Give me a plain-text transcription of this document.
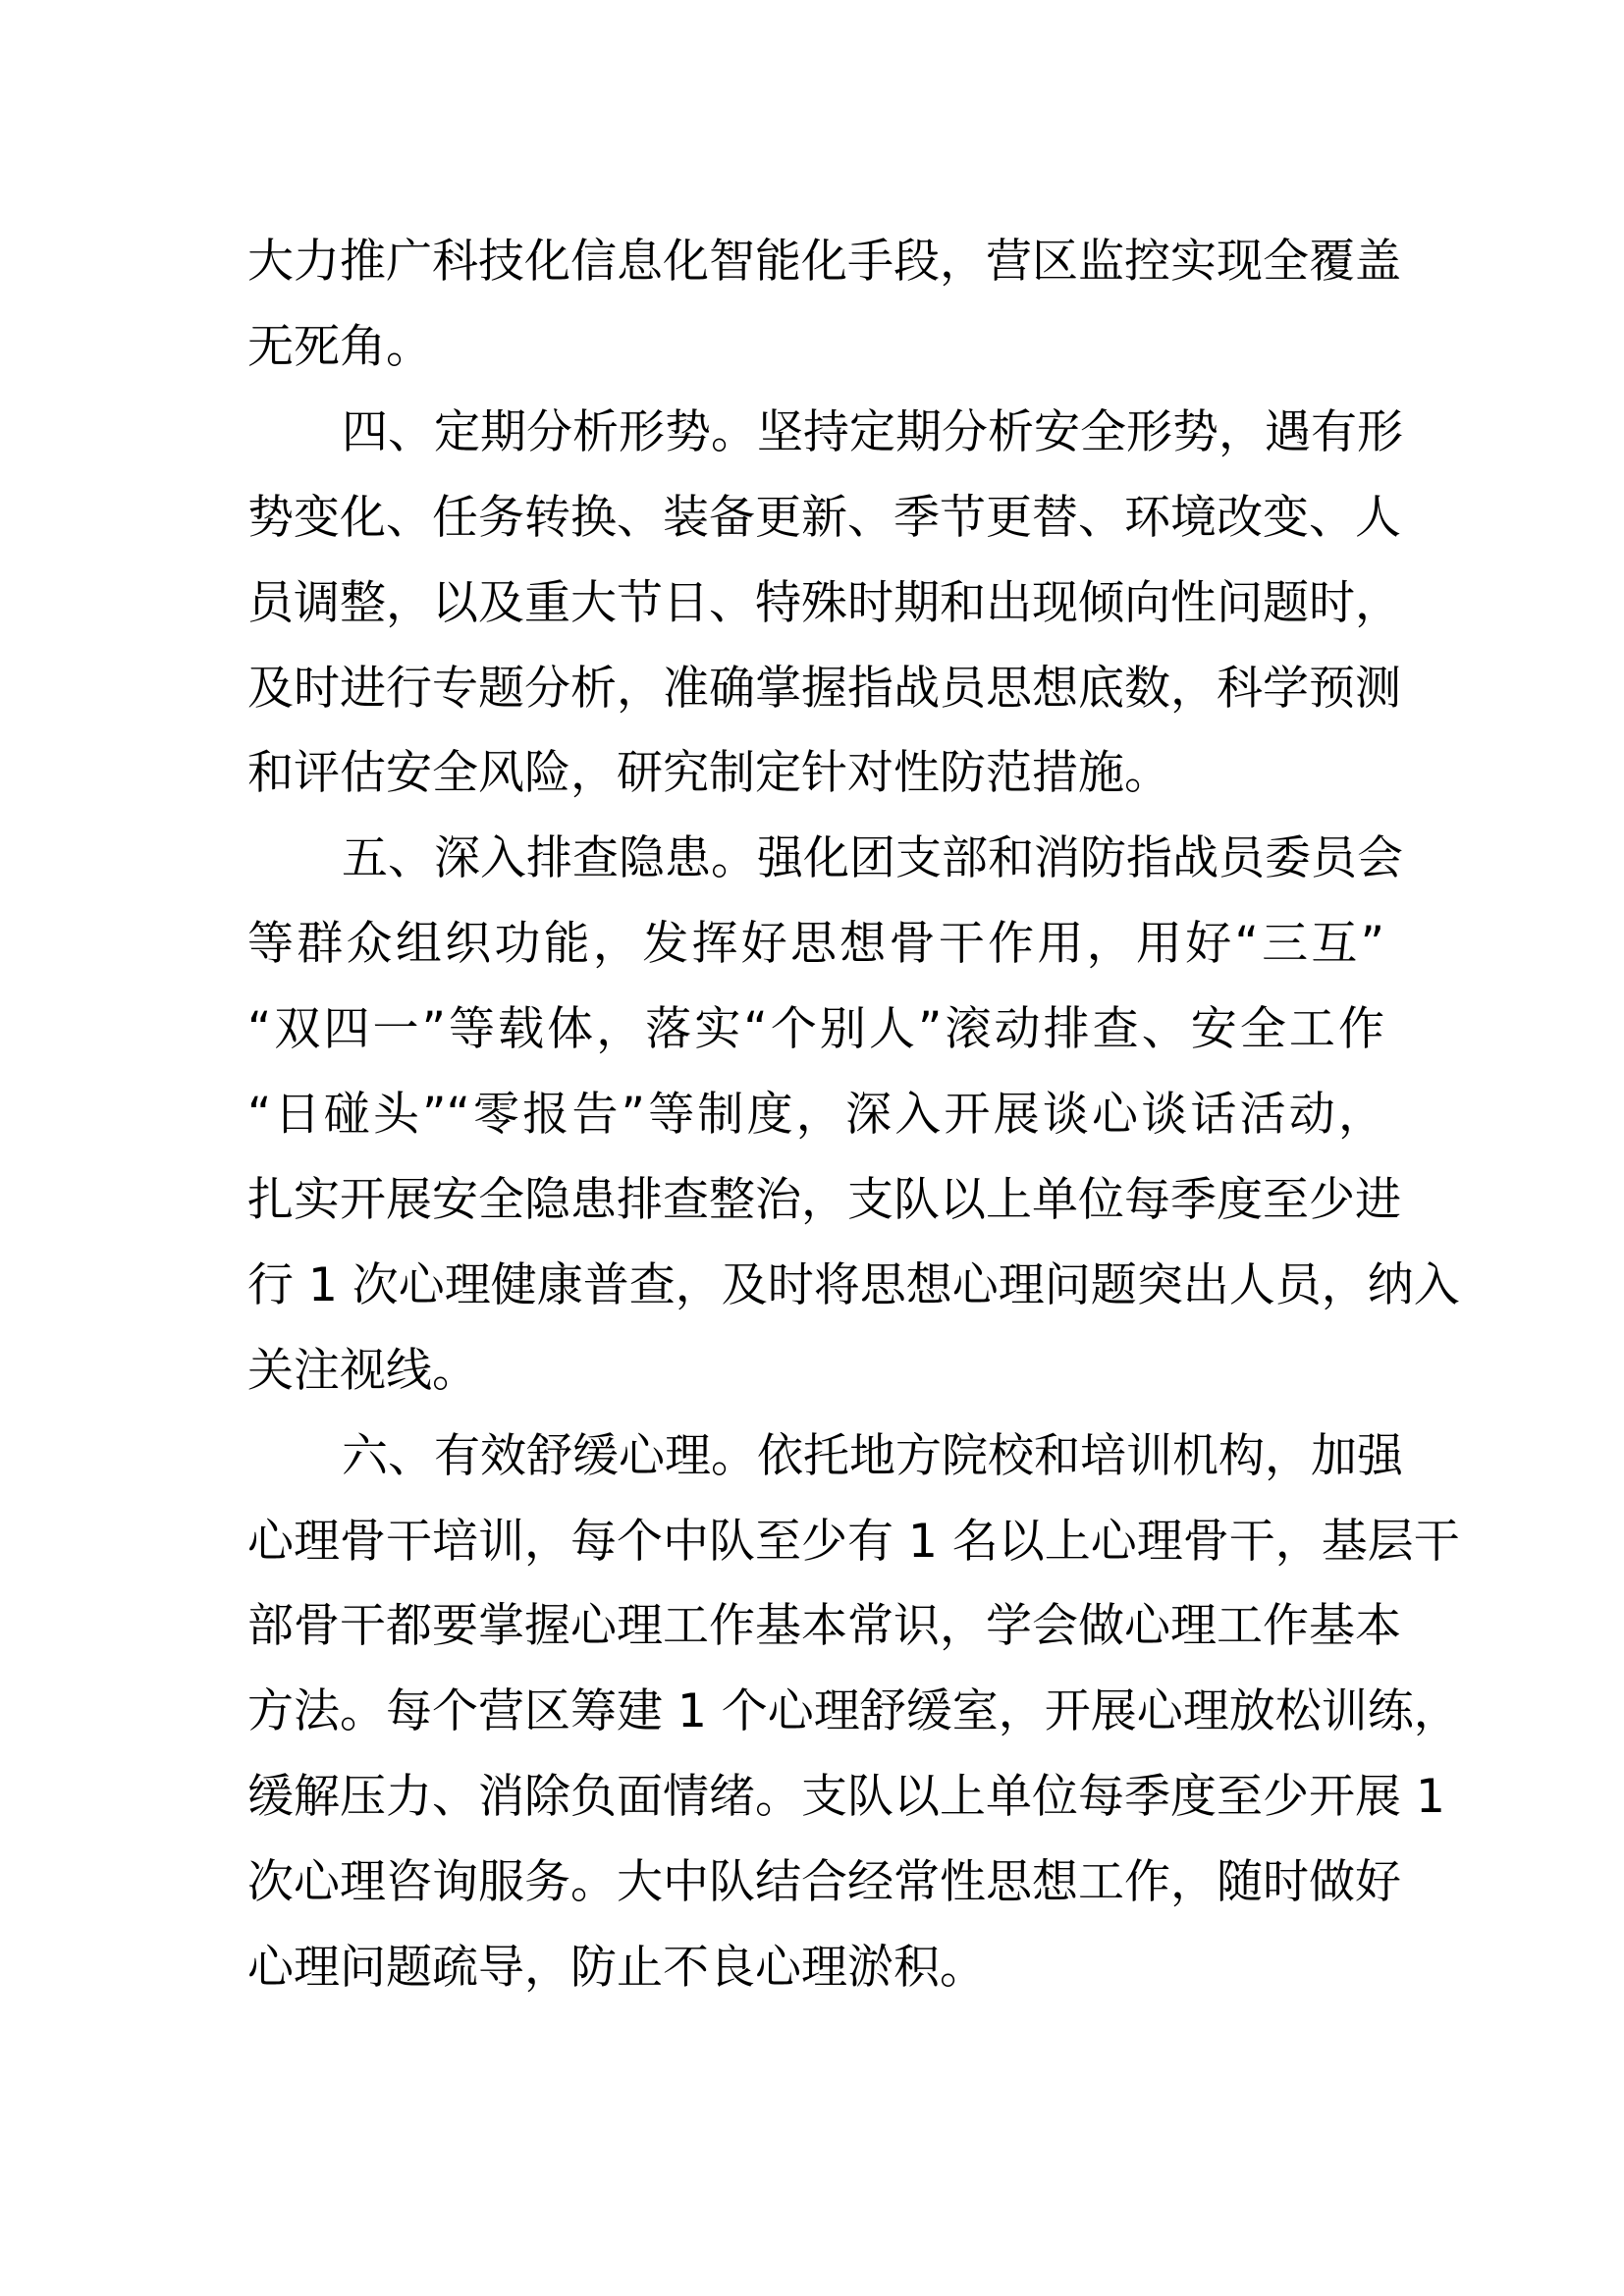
大力推广科技化信息化智能化手段，营区监控实现全覆盖
无死角。
四、定期分析形势。坚持定期分析安全形势，遇有形
势变化、任务转换、装备更新、季节更替、环境改变、人
员调整，以及重大节日、特殊时期和出现倾向性问题时，
及时进行专题分析，准确掌握指战员思想底数，科学预测
和评估安全风险，研究制定针对性防范措施。
五、深入排查隐患。强化团支部和消防指战员委员会
等群众组织功能，发挥好思想骨干作用，用好“三互”
“双四一”等载体，落实“个别人”滚动排查、安全工作
“日碰头”“零报告”等制度，深入开展谈心谈话活动，
扎实开展安全隐患排查整治，支队以上单位每季度至少进
行 1 次心理健康普查，及时将思想心理问题突出人员，纳入
关注视线。
六、有效舒缓心理。依托地方院校和培训机构，加强
心理骨干培训，每个中队至少有 1 名以上心理骨干，基层干
部骨干都要掌握心理工作基本常识，学会做心理工作基本
方法。每个营区筹建 1 个心理舒缓室，开展心理放松训练，
缓解压力、消除负面情绪。支队以上单位每季度至少开展 1
次心理咨询服务。大中队结合经常性思想工作，随时做好
心理问题疏导，防止不良心理淤积。
